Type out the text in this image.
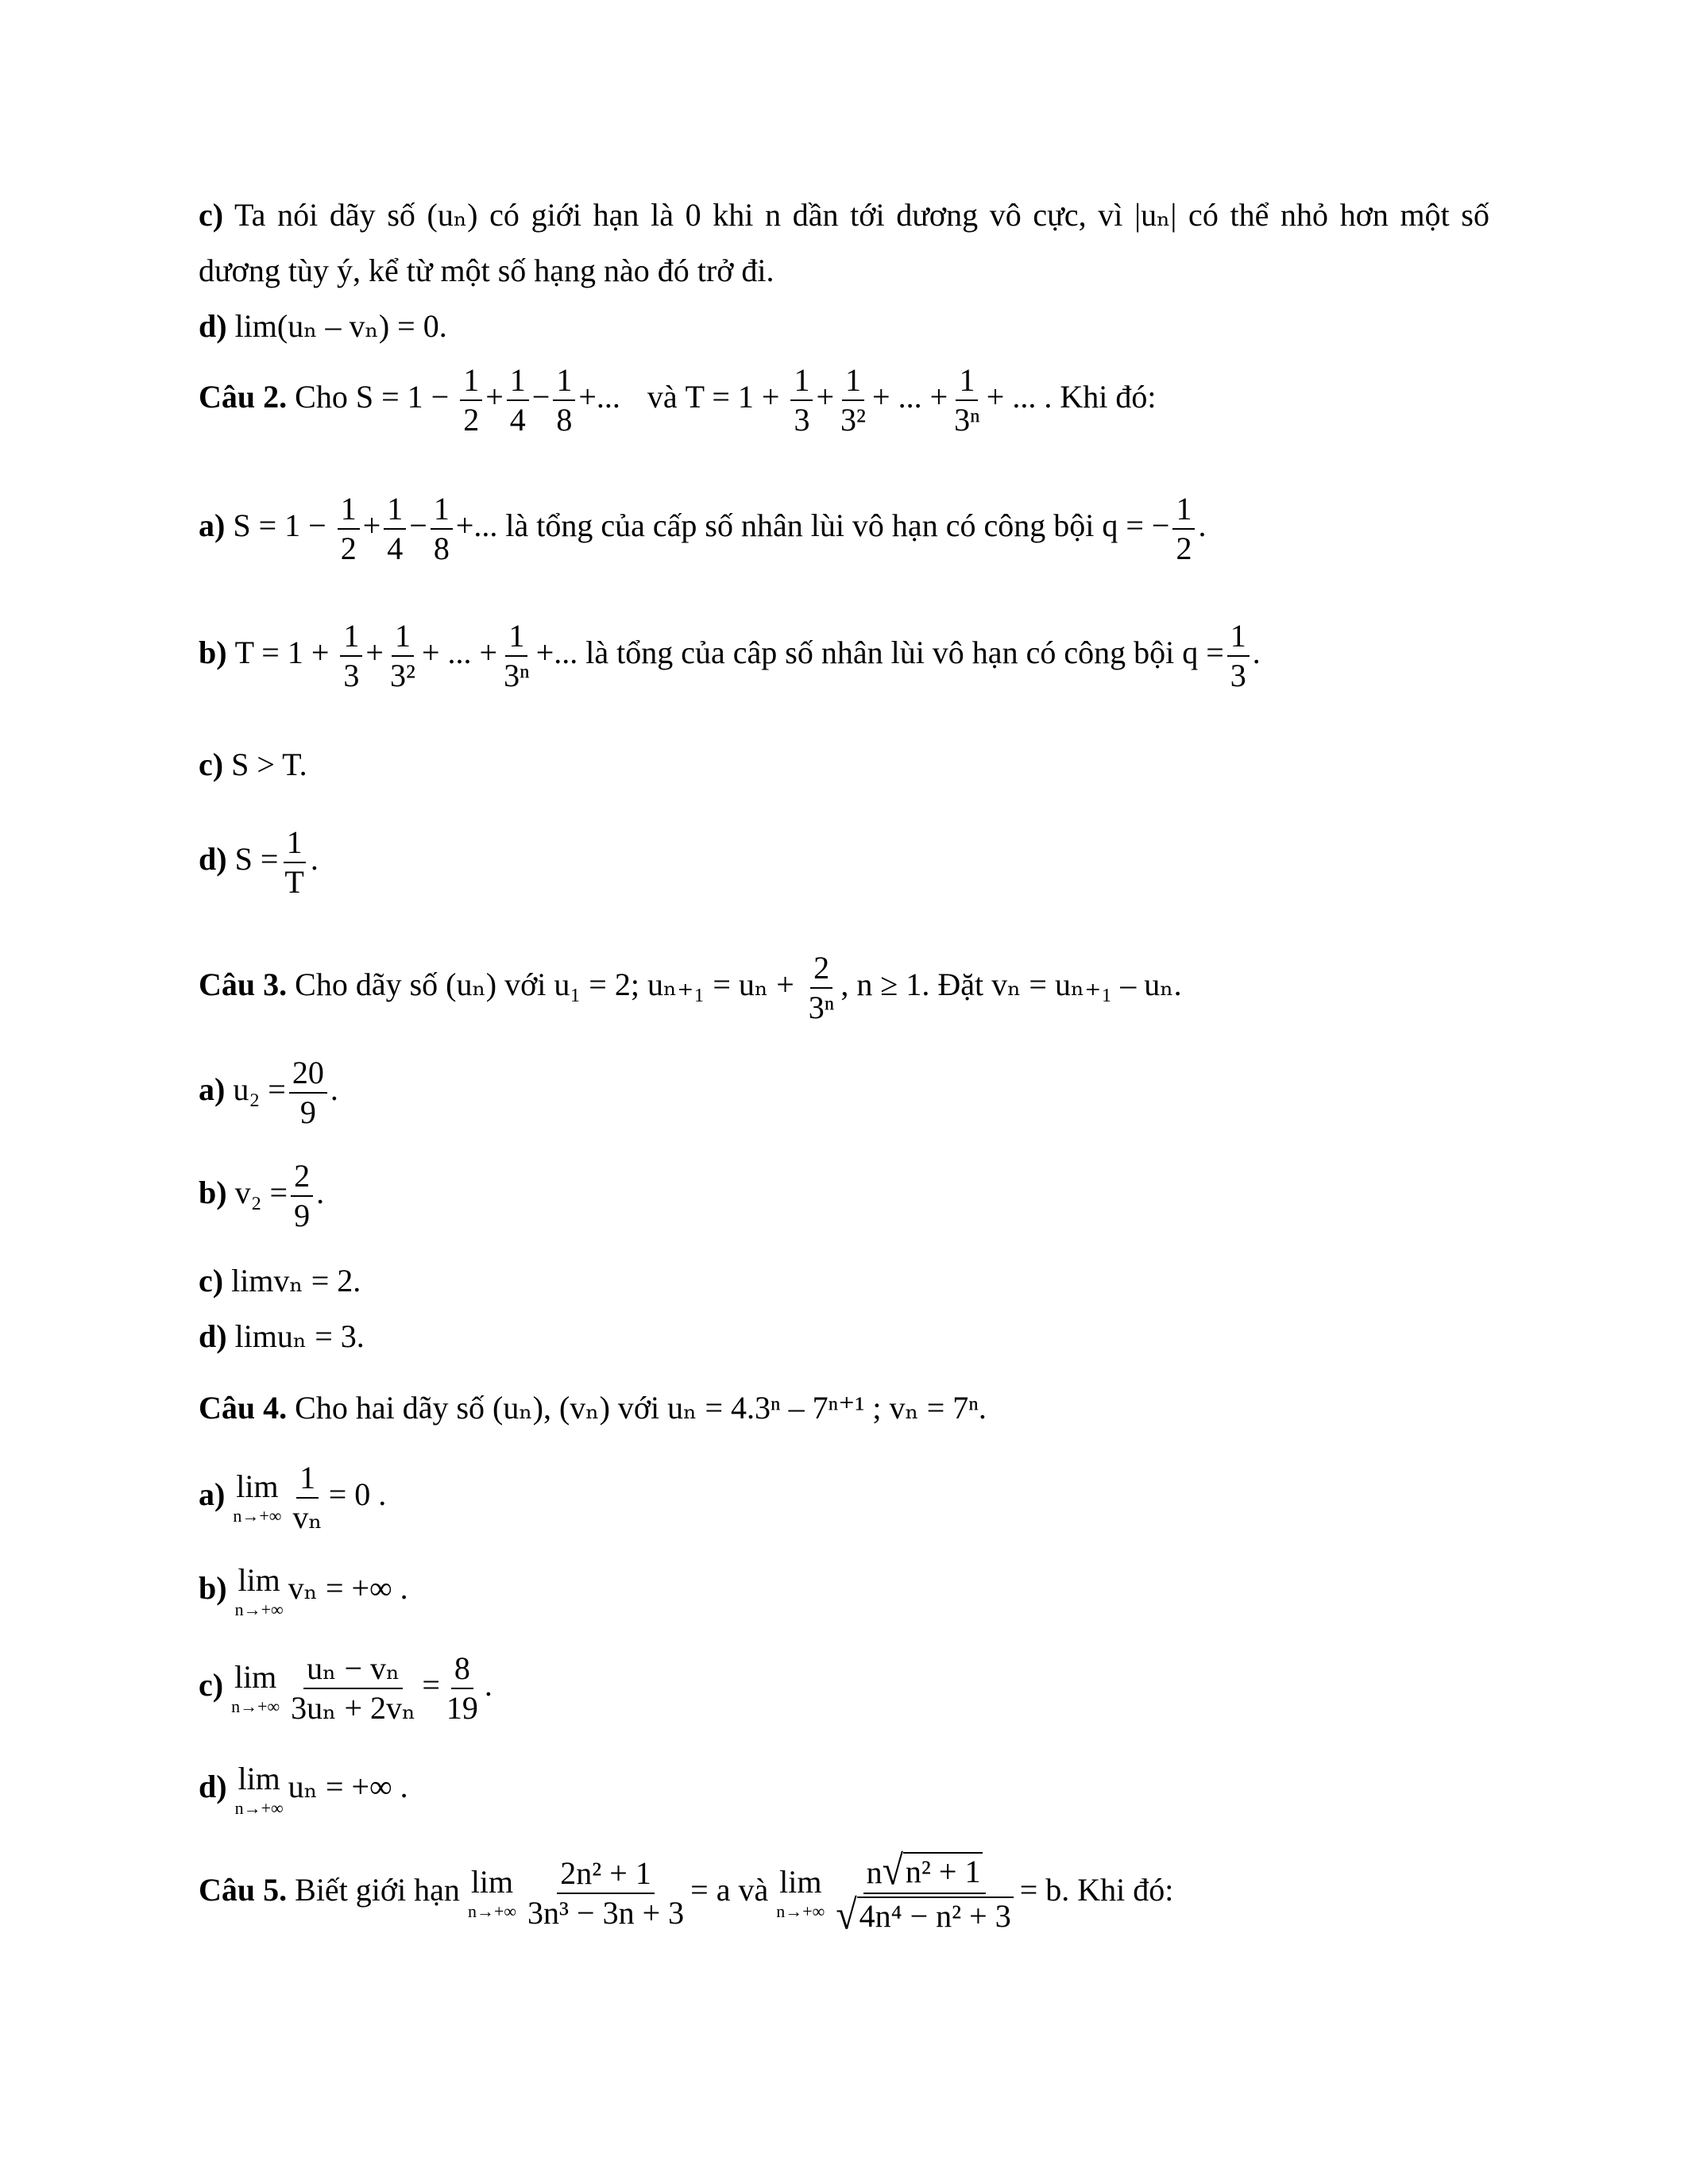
c) Ta nói dãy số (uₙ) có giới hạn là 0 khi n dần tới dương vô cực, vì |uₙ| có thể nhỏ hơn một số
dương tùy ý, kể từ một số hạng nào đó trở đi.
d) lim(uₙ – vₙ) = 0.
Câu 2. Cho $S = 1 - \frac{1}{2} + \frac{1}{4} - \frac{1}{8}$ +... và $T = 1 + \frac{1}{3} + \frac{1}{\text{3²}}$ + ... + $\frac{1}{\text{3ⁿ}}$ + ... . Khi đó:
a) $S = 1 - \frac{1}{2} + \frac{1}{4} - \frac{1}{8}$ +... là tổng của cấp số nhân lùi vô hạn có công bội q = − $\frac{1}{2}$ .
b) $T = 1 + \frac{1}{3} + \frac{1}{\text{3²}}$ + ... + $\frac{1}{\text{3ⁿ}}$ +... là tổng của câp số nhân lùi vô hạn có công bội $q = \frac{1}{3}$ .
c) S > T.
d) $S = \frac{1}{T}$ .
Câu 3. Cho dãy số (uₙ) với u₁ = 2; $u_{n+1} = u_n + \frac{2}{\text{3ⁿ}}$ , n ≥ 1. Đặt vₙ = uₙ₊₁ – uₙ.
a) $u_2 = \frac{20}{9}$ .
b) $v_2 = \frac{2}{9}$ .
c) limvₙ = 2.
d) limuₙ = 3.
Câu 4. Cho hai dãy số (uₙ), (vₙ) với uₙ = 4.3ⁿ – 7ⁿ⁺¹ ; vₙ = 7ⁿ.
a) lim
$n\to+\infty \frac{1}{\text{vₙ}} = 0$ .
b) lim
n→+∞
vₙ = +∞ .
c) lim
$n\to+\infty \frac{\text{uₙ − vₙ}}{\text{3uₙ + 2vₙ}} = \frac{8}{19}$ .
d) lim
n→+∞
uₙ = +∞ .
Câu 5. Biết giới hạn lim
$n\to+\infty \frac{\text{2n² + 1}}{\text{3n³ − 3n + 3}} = a$ và lim
$n\to+\infty \frac{\text{n √ n² + 1}}{\text{√ 4n⁴ − n² + 3}} = b$. Khi đó:
